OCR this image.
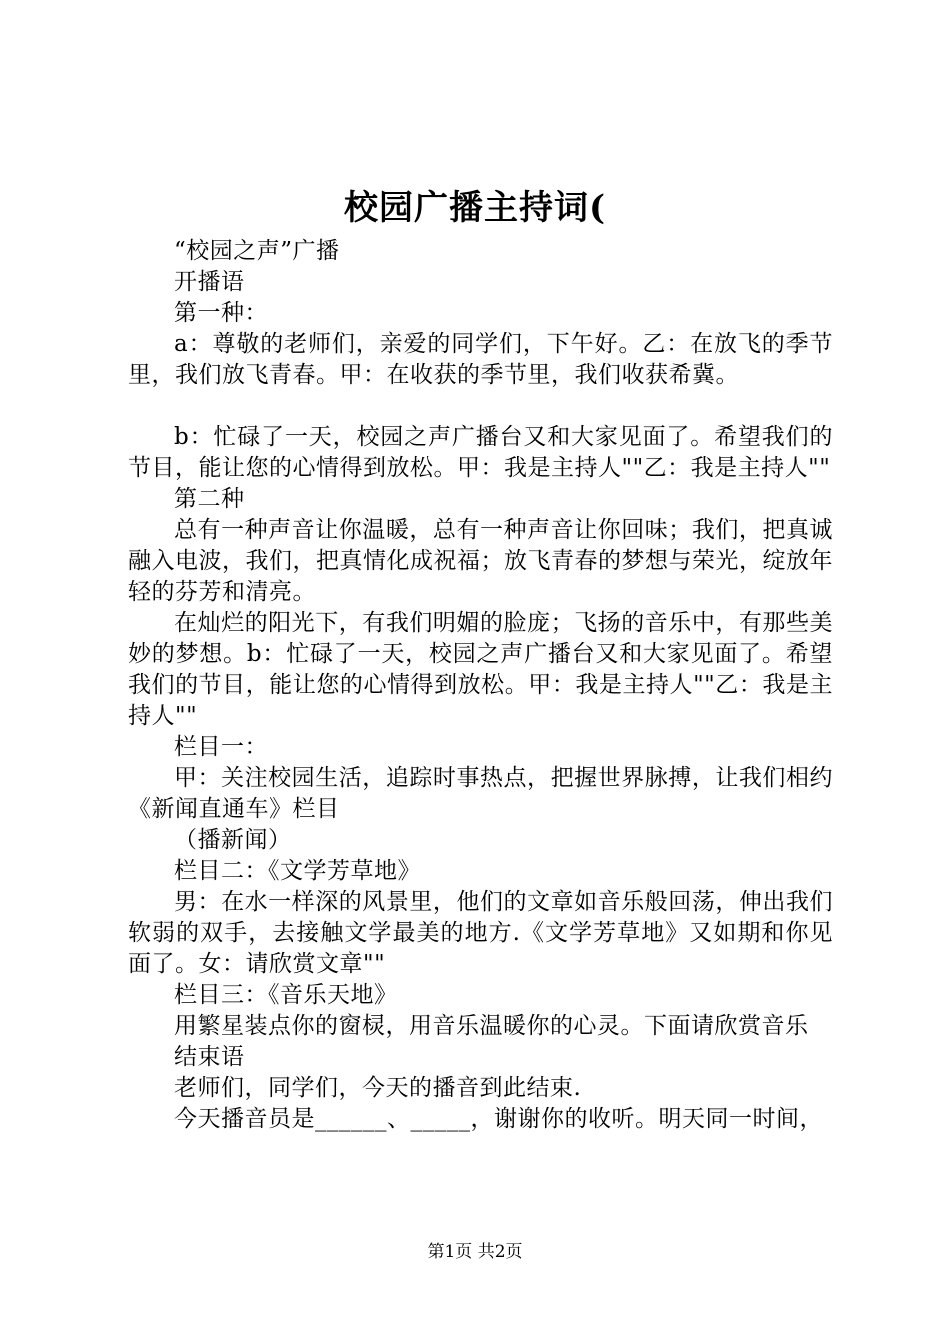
校园广播主持词(

“校园之声”广播

开播语

第一种：

a：尊敬的老师们，亲爱的同学们，下午好。乙：在放飞的季节里，我们放飞青春。甲：在收获的季节里，我们收获希冀。

b：忙碌了一天，校园之声广播台又和大家见面了。希望我们的节目，能让您的心情得到放松。甲：我是主持人""乙：我是主持人""

第二种

总有一种声音让你温暖，总有一种声音让你回味；我们，把真诚融入电波，我们，把真情化成祝福；放飞青春的梦想与荣光，绽放年轻的芬芳和清亮。

在灿烂的阳光下，有我们明媚的脸庞；飞扬的音乐中，有那些美妙的梦想。b：忙碌了一天，校园之声广播台又和大家见面了。希望我们的节目，能让您的心情得到放松。甲：我是主持人""乙：我是主持人""

栏目一：

甲：关注校园生活，追踪时事热点，把握世界脉搏，让我们相约《新闻直通车》栏目

（播新闻）

栏目二：《文学芳草地》

男：在水一样深的风景里，他们的文章如音乐般回荡，伸出我们软弱的双手，去接触文学最美的地方.《文学芳草地》又如期和你见面了。女：请欣赏文章""

栏目三：《音乐天地》

用繁星装点你的窗棂，用音乐温暖你的心灵。下面请欣赏音乐

结束语

老师们，同学们，今天的播音到此结束.

今天播音员是______、_____，谢谢你的收听。明天同一时间，

第1页 共2页
